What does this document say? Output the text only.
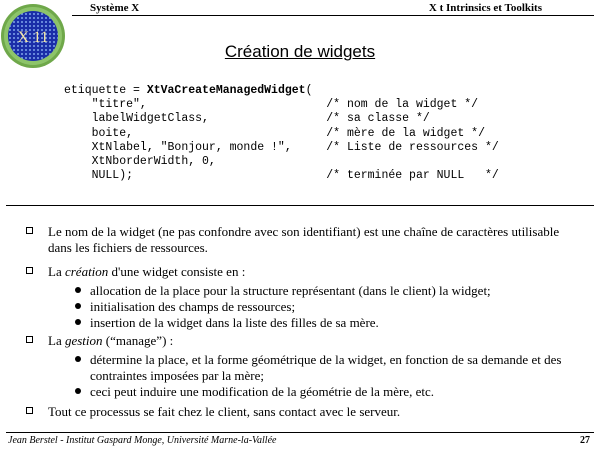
Système X	X t Intrinsics et Toolkits
X 11
Création de widgets
etiquette = XtVaCreateManagedWidget(
"titre",                          /* nom de la widget */
labelWidgetClass,                 /* sa classe */
boite,                            /* mère de la widget */
XtNlabel, "Bonjour, monde !",     /* Liste de ressources */
XtNborderWidth, 0,
NULL);                            /* terminée par NULL   */
Le nom de la widget (ne pas confondre avec son identifiant) est une chaîne de caractères utilisable dans les fichiers de ressources.
La création d'une widget consiste en :
allocation de la place pour la structure représentant (dans le client) la widget;
initialisation des champs de ressources;
insertion de la widget dans la liste des filles de sa mère.
La gestion (“manage”) :
détermine la place, et la forme géométrique de la widget, en fonction de sa demande et des contraintes imposées par la mère;
ceci peut induire une modification de la géométrie de la mère, etc.
Tout ce processus se fait chez le client, sans contact avec le serveur.
Jean Berstel - Institut Gaspard Monge, Université Marne-la-Vallée	27
